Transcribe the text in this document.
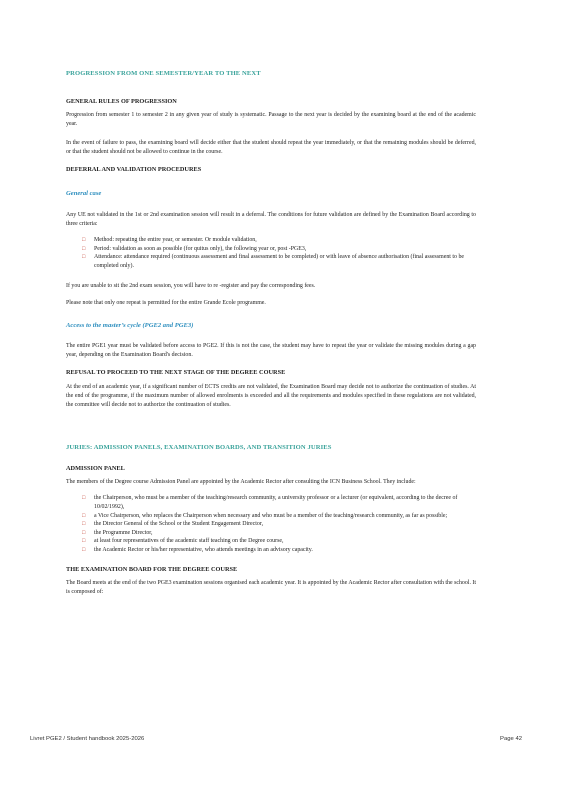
PROGRESSION FROM ONE SEMESTER/YEAR TO THE NEXT
GENERAL RULES OF PROGRESSION

Progression from semester 1 to semester 2 in any given year of study is systematic. Passage to the next year is decided by the examining board at the end of the academic year.

In the event of failure to pass, the examining board will decide either that the student should repeat the year immediately, or that the remaining modules should be deferred, or that the student should not be allowed to continue in the course.

DEFERRAL AND VALIDATION PROCEDURES
General case

Any UE not validated in the 1st or 2nd examination session will result in a deferral. The conditions for future validation are defined by the Examination Board according to three criteria:

□ Method: repeating the entire year, or semester. Or module validation,
□ Period: validation as soon as possible (for quitus only), the following year or, post -PGE3,
□ Attendance: attendance required (continuous assessment and final assessment to be completed) or with leave of absence authorisation (final assessment to be completed only).

If you are unable to sit the 2nd exam session, you will have to re -register and pay the corresponding fees.

Please note that only one repeat is permitted for the entire Grande Ecole programme.

Access to the master’s cycle (PGE2 and PGE3)

The entire PGE1 year must be validated before access to PGE2. If this is not the case, the student may have to repeat the year or validate the missing modules during a gap year, depending on the Examination Board's decision.

REFUSAL TO PROCEED TO THE NEXT STAGE OF THE DEGREE COURSE

At the end of an academic year, if a significant number of ECTS credits are not validated, the Examination Board may decide not to authorize the continuation of studies. At the end of the programme, if the maximum number of allowed enrolments is exceeded and all the requirements and modules specified in these regulations are not validated, the committee will decide not to authorize the continuation of studies.

JURIES: ADMISSION PANELS, EXAMINATION BOARDS, AND TRANSITION JURIES
ADMISSION PANEL

The members of the Degree course Admission Panel are appointed by the Academic Rector after consulting the ICN Business School. They include:

□ the Chairperson, who must be a member of the teaching/research community, a university professor or a lecturer (or equivalent, according to the decree of 10/02/1992),
□ a Vice Chairperson, who replaces the Chairperson when necessary and who must be a member of the teaching/research community, as far as possible;
□ the Director General of the School or the Student Engagement Director,
□ the Programme Director,
□ at least four representatives of the academic staff teaching on the Degree course,
□ the Academic Rector or his/her representative, who attends meetings in an advisory capacity.
THE EXAMINATION BOARD FOR THE DEGREE COURSE

The Board meets at the end of the two PGE3 examination sessions organised each academic year. It is appointed by the Academic Rector after consultation with the school. It is composed of:

Livret PGE2 / Student handbook 2025-2026	Page 42
